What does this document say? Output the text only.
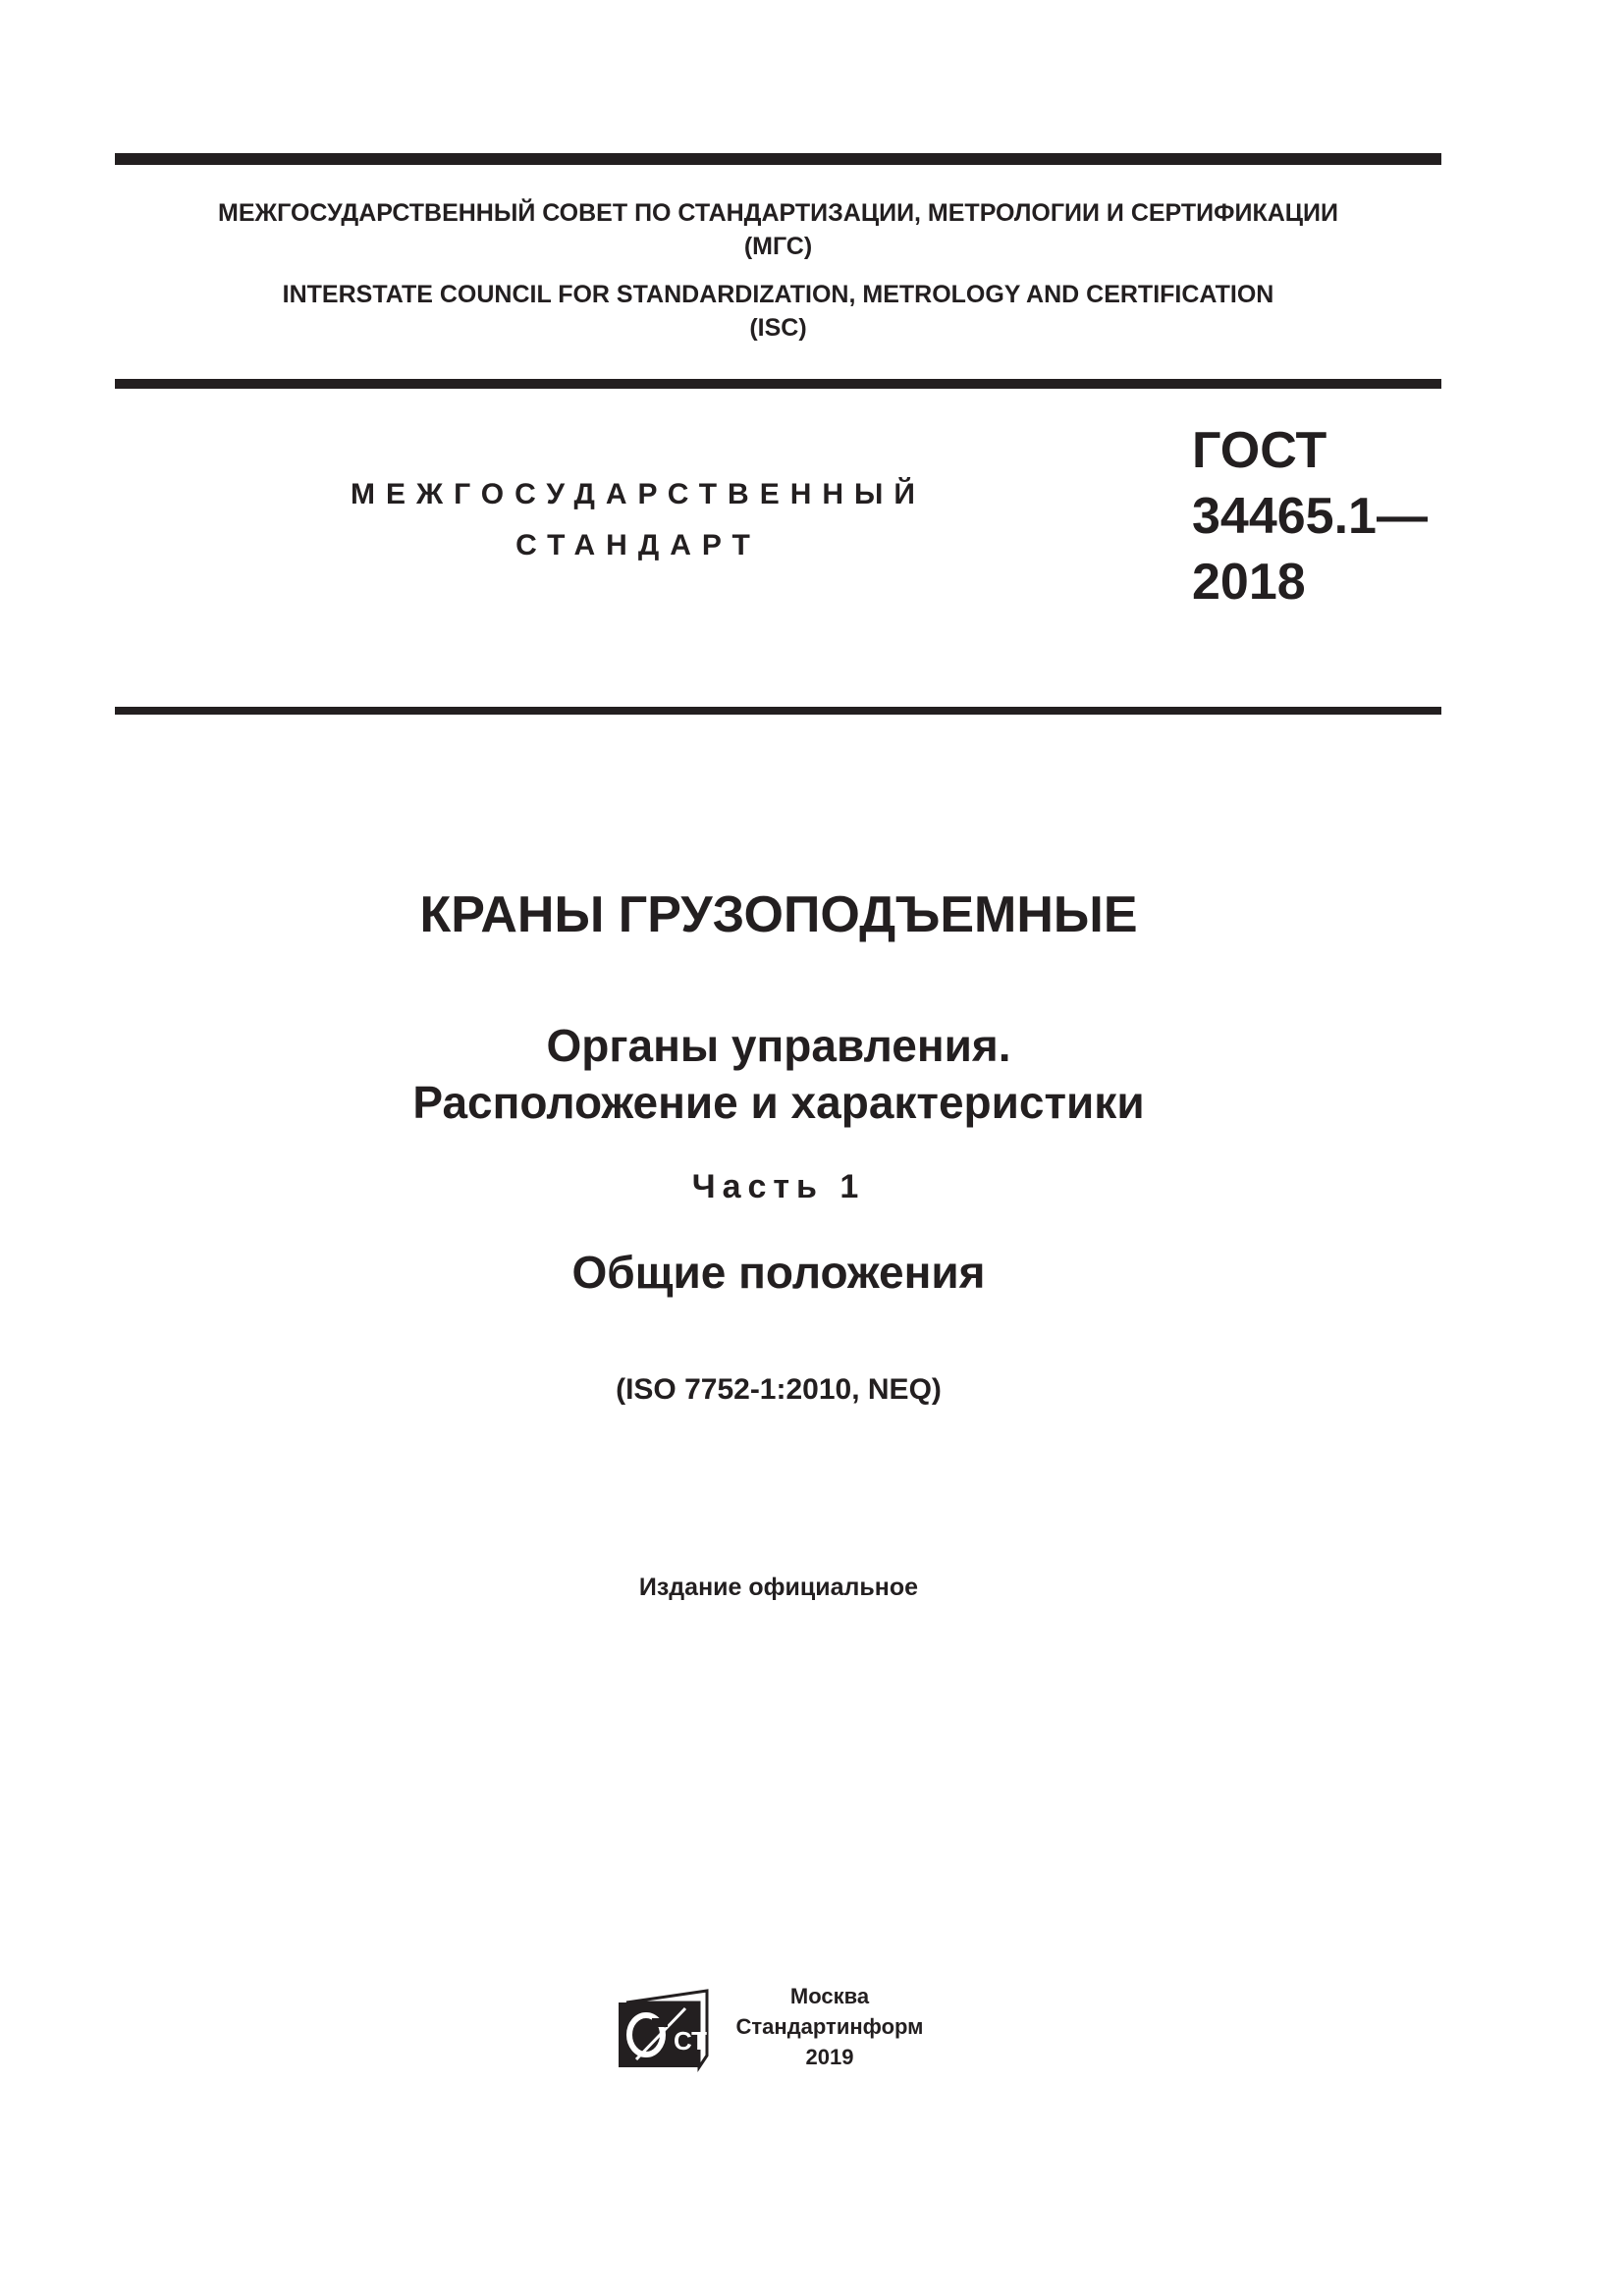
МЕЖГОСУДАРСТВЕННЫЙ СОВЕТ ПО СТАНДАРТИЗАЦИИ, МЕТРОЛОГИИ И СЕРТИФИКАЦИИ
(МГС)
INTERSTATE COUNCIL FOR STANDARDIZATION, METROLOGY AND CERTIFICATION
(ISC)
МЕЖГОСУДАРСТВЕННЫЙ
СТАНДАРТ
ГОСТ
34465.1—
2018
КРАНЫ ГРУЗОПОДЪЕМНЫЕ
Органы управления.
Расположение и характеристики
Часть 1
Общие положения
(ISO 7752-1:2010, NEQ)
Издание официальное
СТИ
Москва
Стандартинформ
2019
